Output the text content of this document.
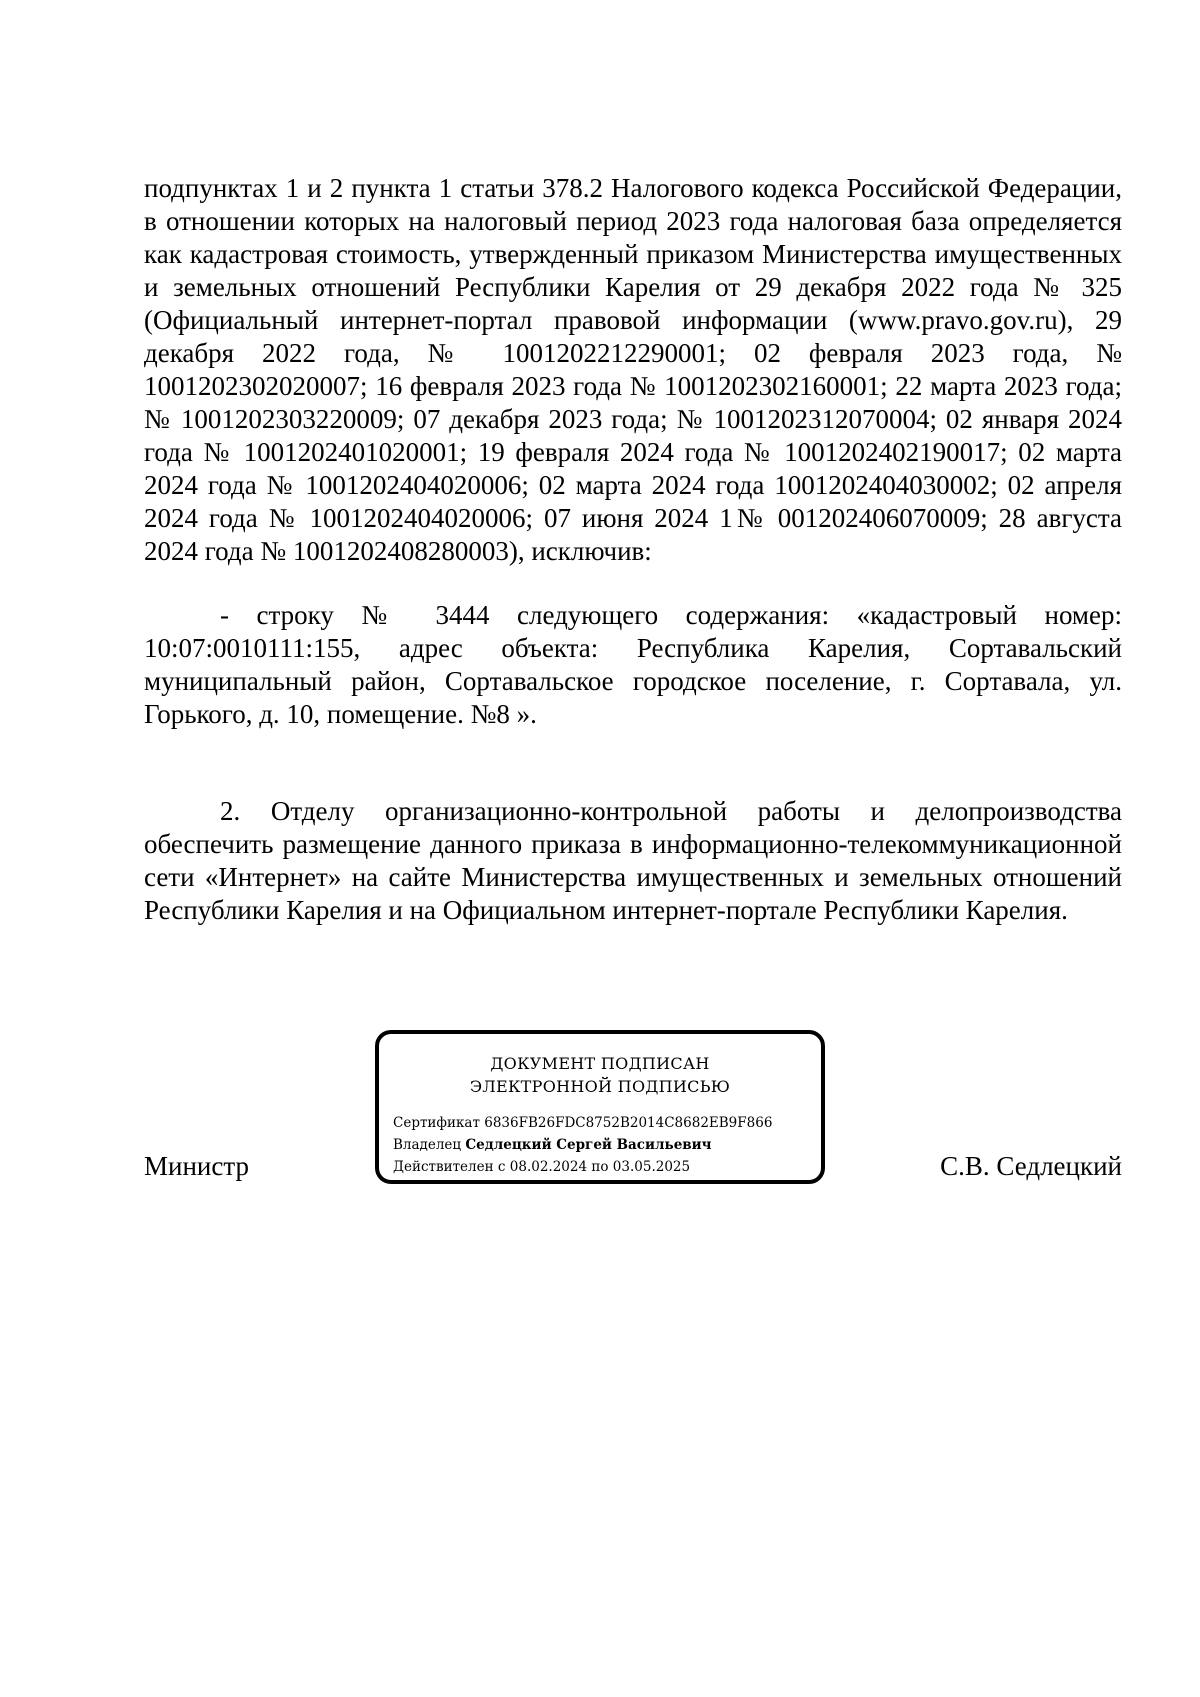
подпунктах 1 и 2 пункта 1 статьи 378.2 Налогового кодекса Российской Федерации, в отношении которых на налоговый период 2023 года налоговая база определяется как кадастровая стоимость, утвержденный приказом Министерства имущественных и земельных отношений Республики Карелия от 29 декабря 2022 года № 325 (Официальный интернет-портал правовой информации (www.pravo.gov.ru), 29 декабря 2022 года, № 1001202212290001; 02 февраля 2023 года, № 1001202302020007; 16 февраля 2023 года № 1001202302160001; 22 марта 2023 года; № 1001202303220009; 07 декабря 2023 года; № 1001202312070004; 02 января 2024 года № 1001202401020001; 19 февраля 2024 года № 1001202402190017; 02 марта 2024 года № 1001202404020006; 02 марта 2024 года 1001202404030002; 02 апреля 2024 года № 1001202404020006; 07 июня 2024 1№ 001202406070009; 28 августа 2024 года № 1001202408280003), исключив:

- строку № 3444 следующего содержания: «кадастровый номер: 10:07:0010111:155, адрес объекта: Республика Карелия, Сортавальский муниципальный район, Сортавальское городское поселение, г. Сортавала, ул. Горького, д. 10, помещение. №8 ».

2. Отделу организационно-контрольной работы и делопроизводства обеспечить размещение данного приказа в информационно-телекоммуникационной сети «Интернет» на сайте Министерства имущественных и земельных отношений Республики Карелия и на Официальном интернет-портале Республики Карелия.

Министр
ДОКУМЕНТ ПОДПИСАН
ЭЛЕКТРОННОЙ ПОДПИСЬЮ
Сертификат 6836FB26FDC8752B2014C8682EB9F866
Владелец Седлецкий Сергей Васильевич
Действителен с 08.02.2024 по 03.05.2025	С.В. Седлецкий
